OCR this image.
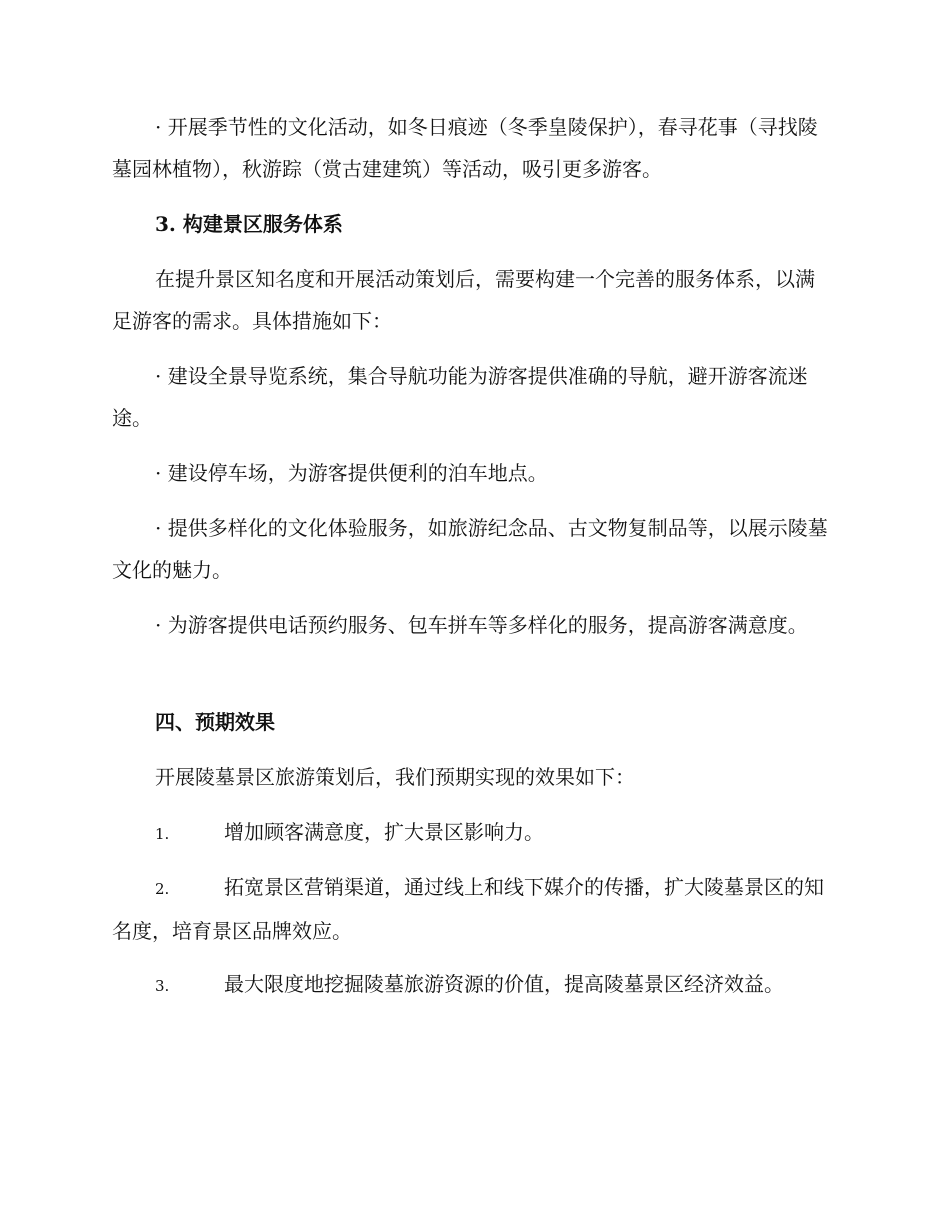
· 开展季节性的文化活动，如冬日痕迹（冬季皇陵保护），春寻花事（寻找陵墓园林植物），秋游踪（赏古建建筑）等活动，吸引更多游客。

3. 构建景区服务体系

在提升景区知名度和开展活动策划后，需要构建一个完善的服务体系，以满足游客的需求。具体措施如下：

· 建设全景导览系统，集合导航功能为游客提供准确的导航，避开游客流迷途。

· 建设停车场，为游客提供便利的泊车地点。

· 提供多样化的文化体验服务，如旅游纪念品、古文物复制品等，以展示陵墓文化的魅力。

· 为游客提供电话预约服务、包车拼车等多样化的服务，提高游客满意度。

四、预期效果

开展陵墓景区旅游策划后，我们预期实现的效果如下：

1.	增加顾客满意度，扩大景区影响力。

2.	拓宽景区营销渠道，通过线上和线下媒介的传播，扩大陵墓景区的知名度，培育景区品牌效应。

3.	最大限度地挖掘陵墓旅游资源的价值，提高陵墓景区经济效益。
